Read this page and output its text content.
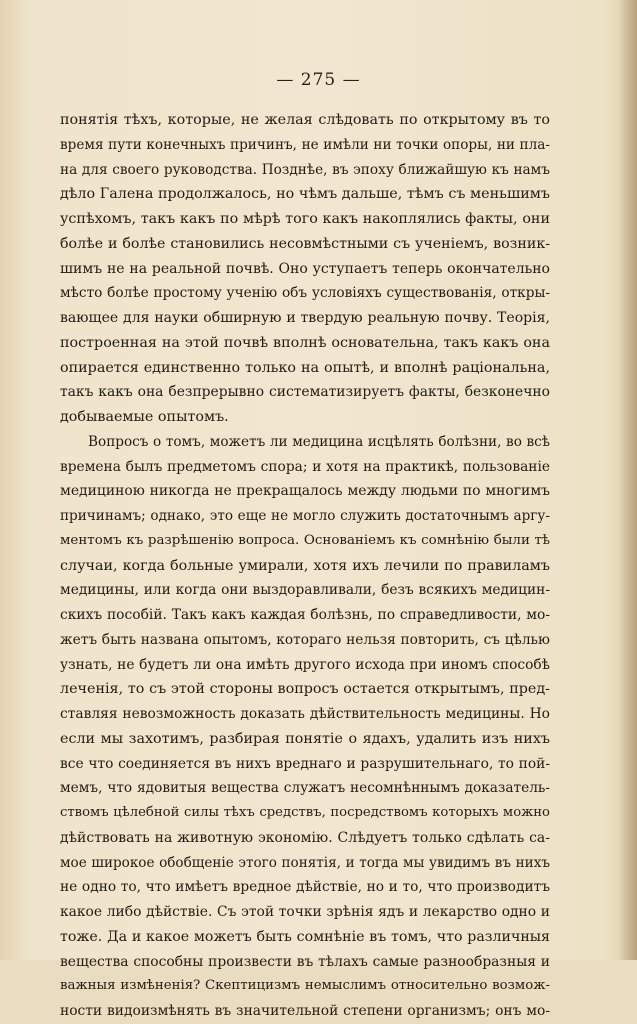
— 275 —
понятія тѣхъ, которые, не желая слѣдовать по открытому въ то
время пути конечныхъ причинъ, не имѣли ни точки опоры, ни пла-
на для своего руководства. Позднѣе, въ эпоху ближайшую къ намъ
дѣло Галена продолжалось, но чѣмъ дальше, тѣмъ съ меньшимъ
успѣхомъ, такъ какъ по мѣрѣ того какъ накоплялись факты, они
болѣе и болѣе становились несовмѣстными съ ученіемъ, возник-
шимъ не на реальной почвѣ. Оно уступаетъ теперь окончательно
мѣсто болѣе простому ученію объ условіяхъ существованія, откры-
вающее для науки обширную и твердую реальную почву. Теорія,
построенная на этой почвѣ вполнѣ основательна, такъ какъ она
опирается единственно только на опытѣ, и вполнѣ раціональна,
такъ какъ она безпрерывно систематизируетъ факты, безконечно
добываемые опытомъ.
Вопросъ о томъ, можетъ ли медицина исцѣлять болѣзни, во всѣ
времена былъ предметомъ спора; и хотя на практикѣ, пользованіе
медициною никогда не прекращалось между людьми по многимъ
причинамъ; однако, это еще не могло служить достаточнымъ аргу-
ментомъ къ разрѣшенію вопроса. Основаніемъ къ сомнѣнію были тѣ
случаи, когда больные умирали, хотя ихъ лечили по правиламъ
медицины, или когда они выздоравливали, безъ всякихъ медицин-
скихъ пособій. Такъ какъ каждая болѣзнь, по справедливости, мо-
жетъ быть названа опытомъ, котораго нельзя повторить, съ цѣлью
узнать, не будетъ ли она имѣть другого исхода при иномъ способѣ
леченія, то съ этой стороны вопросъ остается открытымъ, пред-
ставляя невозможность доказать дѣйствительность медицины. Но
если мы захотимъ, разбирая понятіе о ядахъ, удалить изъ нихъ
все что соединяется въ нихъ вреднаго и разрушительнаго, то пой-
мемъ, что ядовитыя вещества служатъ несомнѣннымъ доказатель-
ствомъ цѣлебной силы тѣхъ средствъ, посредствомъ которыхъ можно
дѣйствовать на животную экономію. Слѣдуетъ только сдѣлать са-
мое широкое обобщеніе этого понятія, и тогда мы увидимъ въ нихъ
не одно то, что имѣетъ вредное дѣйствіе, но и то, что производитъ
какое либо дѣйствіе. Съ этой точки зрѣнія ядъ и лекарство одно и
тоже. Да и какое можетъ быть сомнѣніе въ томъ, что различныя
вещества способны произвести въ тѣлахъ самые разнообразныя и
важныя измѣненія? Скептицизмъ немыслимъ относительно возмож-
ности видоизмѣнять въ значительной степени организмъ; онъ мо-
